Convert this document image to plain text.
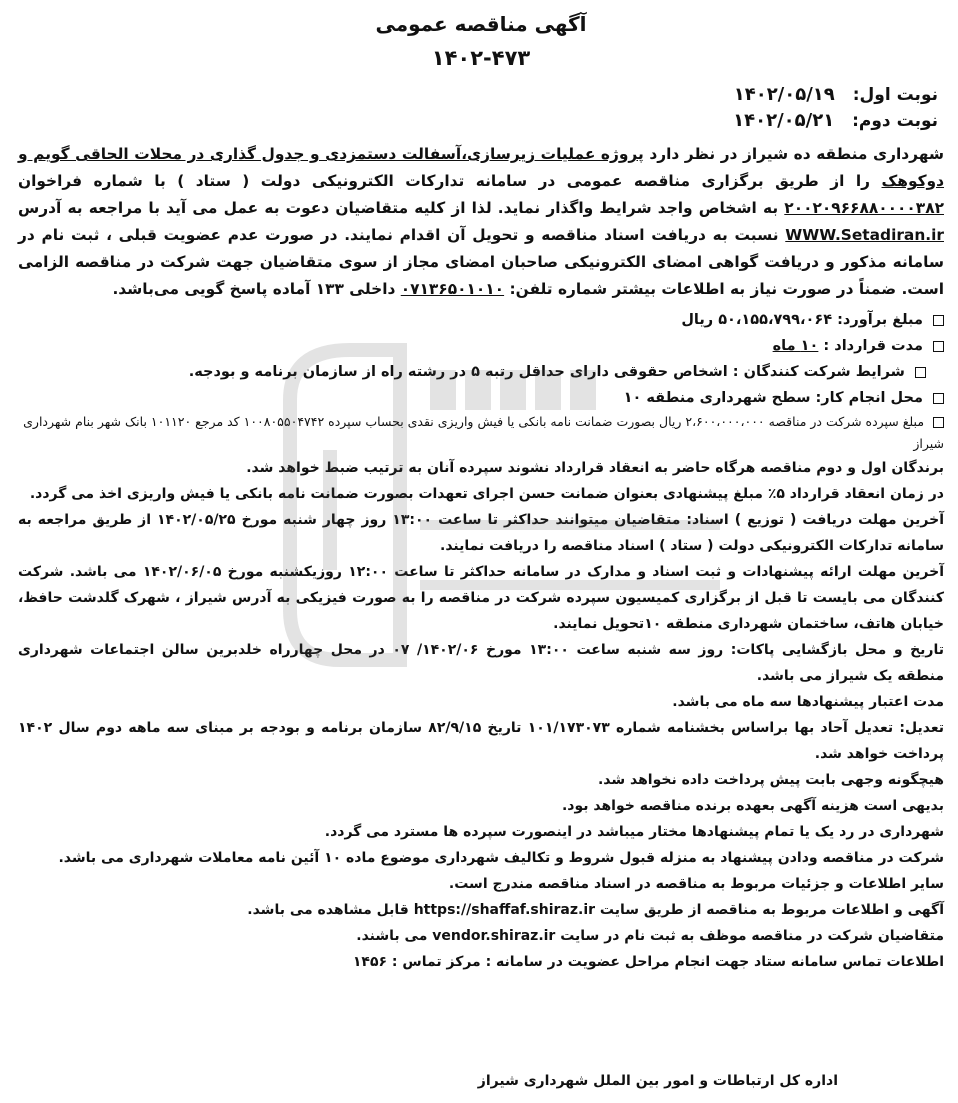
آگهی مناقصه عمومی
۱۴۰۲-۴۷۳
نوبت اول: ۱۴۰۲/۰۵/۱۹
نوبت دوم: ۱۴۰۲/۰۵/۲۱

شهرداری منطقه ده شیراز در نظر دارد پروژه عملیات زیرسازی،آسفالت دستمزدی و جدول گذاری در محلات الحاقی گویم و دوکوهک را از طریق برگزاری مناقصه عمومی در سامانه تدارکات الکترونیکی دولت ( ستاد ) با شماره فراخوان ۲۰۰۲۰۹۶۶۸۸۰۰۰۰۳۸۲ به اشخاص واجد شرایط واگذار نماید. لذا از کلیه متقاضیان دعوت به عمل می آید با مراجعه به آدرس WWW.Setadiran.ir نسبت به دریافت اسناد مناقصه و تحویل آن اقدام نمایند. در صورت عدم عضویت قبلی ، ثبت نام در سامانه مذکور و دریافت گواهی امضای الکترونیکی صاحبان امضای مجاز از سوی متقاضیان جهت شرکت در مناقصه الزامی است. ضمناً در صورت نیاز به اطلاعات بیشتر شماره تلفن: ۰۷۱۳۶۵۰۱۰۱۰ داخلی ۱۳۳ آماده پاسخ گویی می‌باشد.

مبلغ برآورد: ۵۰،۱۵۵،۷۹۹،۰۶۴ ریال

مدت قرارداد : ۱۰ ماه

شرایط شرکت کنندگان : اشخاص حقوقی دارای حداقل رتبه ۵ در رشته راه از سازمان برنامه و بودجه.

محل انجام کار: سطح شهرداری منطقه ۱۰

مبلغ سپرده شرکت در مناقصه ۲،۶۰۰،۰۰۰،۰۰۰ ریال بصورت ضمانت نامه بانکی یا فیش واریزی نقدی بحساب سپرده ۱۰۰۸۰۵۵۰۴۷۴۲ کد مرجع ۱۰۱۱۲۰ بانک شهر بنام شهرداری شیراز

برندگان اول و دوم مناقصه هرگاه حاضر به انعقاد قرارداد نشوند سپرده آنان به ترتیب ضبط خواهد شد.

در زمان انعقاد قرارداد ۵٪ مبلغ پیشنهادی بعنوان ضمانت حسن اجرای تعهدات بصورت ضمانت نامه بانکی یا فیش واریزی اخذ می گردد.

آخرین مهلت دریافت ( توزیع ) اسناد: متقاضیان میتوانند حداکثر تا ساعت ۱۳:۰۰ روز چهار شنبه مورخ ۱۴۰۲/۰۵/۲۵ از طریق مراجعه به سامانه تدارکات الکترونیکی دولت ( ستاد ) اسناد مناقصه را دریافت نمایند.

آخرین مهلت ارائه پیشنهادات و ثبت اسناد و مدارک در سامانه حداکثر تا ساعت ۱۲:۰۰ روزیکشنبه مورخ ۱۴۰۲/۰۶/۰۵ می باشد. شرکت کنندگان می بایست تا قبل از برگزاری کمیسیون سپرده شرکت در مناقصه را به صورت فیزیکی به آدرس شیراز ، شهرک گلدشت حافظ، خیابان هاتف، ساختمان شهرداری منطقه ۱۰تحویل نمایند.

تاریخ و محل بازگشایی پاکات: روز سه شنبه ساعت ۱۳:۰۰ مورخ ۱۴۰۲/۰۶/ ۰۷ در محل چهارراه خلدبرین سالن اجتماعات شهرداری منطقه یک شیراز می باشد.

مدت اعتبار پیشنهادها سه ماه می باشد.

تعدیل: تعدیل آحاد بها براساس بخشنامه شماره ۱۰۱/۱۷۳۰۷۳ تاریخ ۸۲/۹/۱۵ سازمان برنامه و بودجه بر مبنای سه ماهه دوم سال ۱۴۰۲ پرداخت خواهد شد.

هیچگونه وجهی بابت پیش پرداخت داده نخواهد شد.

بدیهی است هزینه آگهی بعهده برنده مناقصه خواهد بود.

شهرداری در رد یک یا تمام پیشنهادها مختار میباشد در اینصورت سپرده ها مسترد می گردد.

شرکت در مناقصه ودادن پیشنهاد به منزله قبول شروط و تکالیف شهرداری موضوع ماده ۱۰ آئین نامه معاملات شهرداری می باشد.

سایر اطلاعات و جزئیات مربوط به مناقصه در اسناد مناقصه مندرج است.

آگهی و اطلاعات مربوط به مناقصه از طریق سایت https://shaffaf.shiraz.ir قابل مشاهده می باشد.

متقاضیان شرکت در مناقصه موظف به ثبت نام در سایت vendor.shiraz.ir می باشند.

اطلاعات تماس سامانه ستاد جهت انجام مراحل عضویت در سامانه : مرکز تماس : ۱۴۵۶

اداره کل ارتباطات و امور بین الملل شهرداری شیراز
